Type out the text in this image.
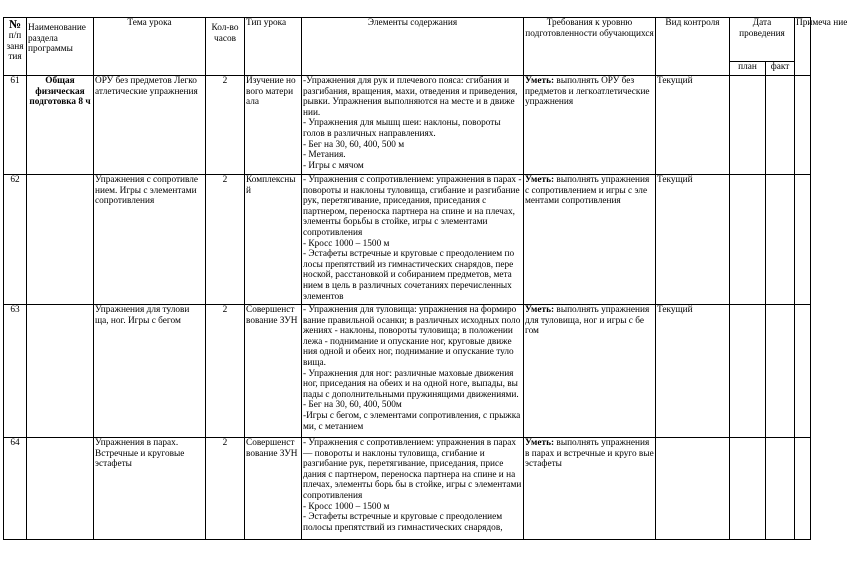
№
п/п заня тия	Наименование раздела программы	Тема урока	Кол-во часов	Тип урока	Элементы содержания	Требования к уровню подготовленности обучающихся	Вид контроля	Дата проведения		Примеча ние
								план	факт	
61	Общая физическая подготовка 8 ч	ОРУ без предметов Легко атлетические упражнения	2	Изучение но вого матери ала	-Упражнения для рук и плечевого пояса: сгибания и разгибания, вращения, махи, отведения и приведения, рывки. Упражнения выполняются на месте и в движе нии.
- Упражнения для мышц шеи: наклоны, повороты голов в различных направлениях.
- Бег на 30, 60, 400, 500 м
- Метания.
- Игры с мячом	Уметь: выполнять ОРУ без предметов и легкоатлетические упражнения	Текущий			
62		Упражнения с сопротивле нием. Игры с элементами сопротивления	2	Комплексный	- Упражнения с сопротивлением: упражнения в парах - повороты и наклоны туловища, сгибание и разгибание рук, перетягивание, приседания, приседания с партнером, переноска партнера на спине и на плечах, элементы борьбы в стойке, игры с элементами сопротивления
- Кросс 1000 – 1500 м
- Эстафеты встречные и круговые с преодолением по лосы препятствий из гимнастических снарядов, пере ноской, расстановкой и собиранием предметов, мета нием в цель в различных сочетаниях перечисленных элементов	Уметь: выполнять упражнения с сопротивлением и игры с эле ментами сопротивления	Текущий			
63		Упражнения для тулови ща, ног. Игры с бегом	2	Совершенст вование ЗУН	- Упражнения для туловища: упражнения на формиро вание правильной осанки; в различных исходных поло жениях - наклоны, повороты туловища; в положении лежа - поднимание и опускание ног, круговые движе ния одной и обеих ног, поднимание и опускание туло вища.
- Упражнения для ног: различные маховые движения ног, приседания на обеих и на одной ноге, выпады, вы пады с дополнительными пружинящими движениями.
- Бег на 30, 60, 400, 500м
-Игры с бегом, с элементами сопротивления, с прыжка ми, с метанием	Уметь: выполнять упражнения для туловища, ног и игры с бе гом	Текущий			
64		Упражнения в парах. Встречные и круговые эстафеты	2	Совершенст вование ЗУН	- Упражнения с сопротивлением: упражнения в парах — повороты и наклоны туловища, сгибание и разгибание рук, перетягивание, приседания, присе дания с партнером, переноска партнера на спине и на плечах, элементы борь бы в стойке, игры с элементами сопротивления
- Кросс 1000 – 1500 м
- Эстафеты встречные и круговые с преодолением полосы препятствий из гимнастических снарядов,	Уметь: выполнять упражнения в парах и встречные и круго вые эстафеты				
